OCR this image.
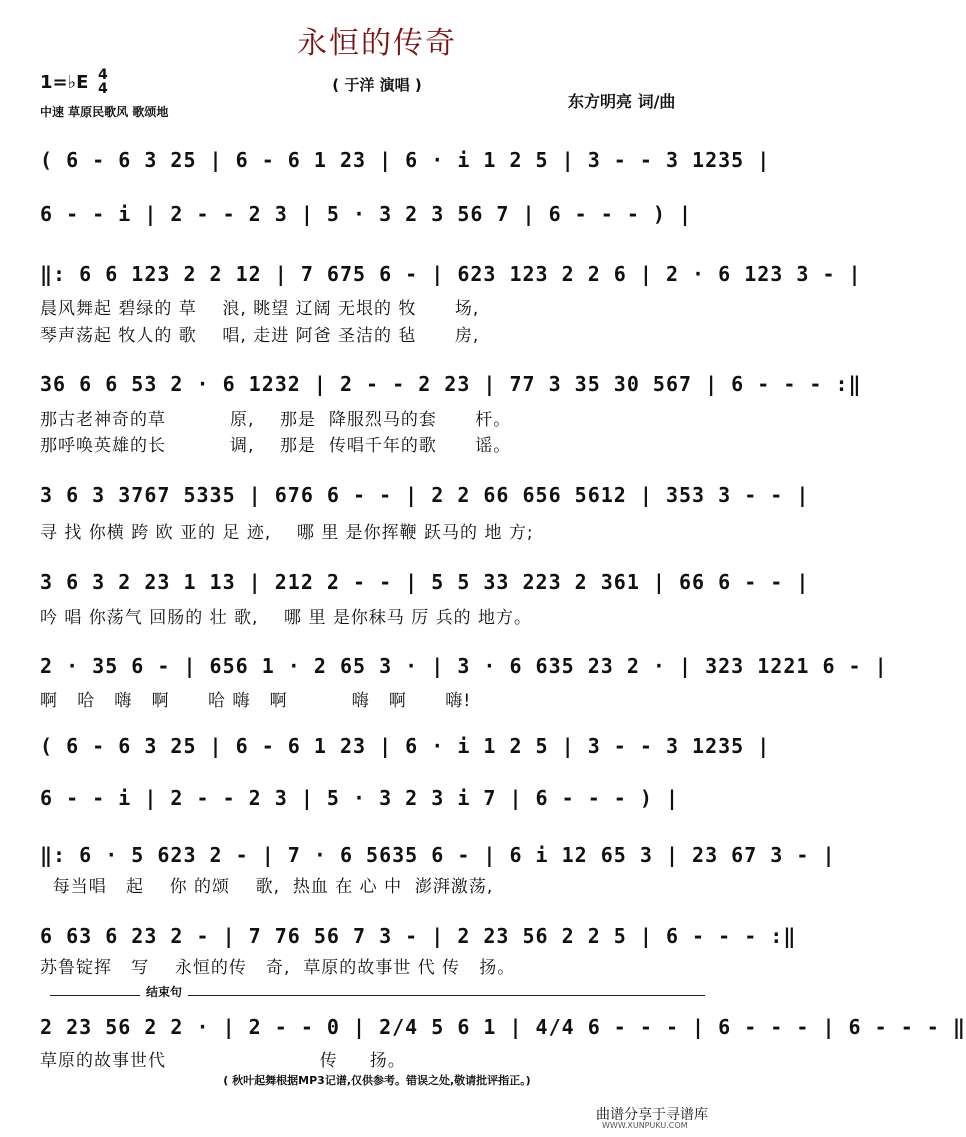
永恒的传奇
( 于洋 演唱 )
1=♭E 4
4
中速 草原民歌风 歌颂地
东方明亮 词/曲
( 6 - 6 3 25 | 6 - 6 1 23 | 6 · i 1 2 5 | 3 - - 3 1235 |
6 - - i | 2 - - 2 3 | 5 · 3 2 3 56 7 | 6 - - - ) |
‖: 6 6 123 2 2 12 | 7 675 6 - | 623 123 2 2 6 | 2 · 6 123 3 - |
晨风舞起 碧绿的 草    浪, 眺望 辽阔 无垠的 牧      场,
琴声荡起 牧人的 歌    唱, 走进 阿爸 圣洁的 毡      房,
36 6 6 53 2 · 6 1232 | 2 - - 2 23 | 77 3 35 30 567 | 6 - - - :‖
那古老神奇的草          原,    那是  降服烈马的套      杆。
那呼唤英雄的长          调,    那是  传唱千年的歌      谣。
3 6 3 3767 5335 | 676 6 - - | 2 2 66 656 5612 | 353 3 - - |
寻 找 你横 跨 欧 亚的 足 迹,    哪 里 是你挥鞭 跃马的 地 方;
3 6 3 2 23 1 13 | 212 2 - - | 5 5 33 223 2 361 | 66 6 - - |
吟 唱 你荡气 回肠的 壮 歌,    哪 里 是你秣马 厉 兵的 地方。
2 · 35 6 - | 656 1 · 2 65 3 · | 3 · 6 635 23 2 · | 323 1221 6 - |
啊   哈   嗨   啊      哈 嗨   啊          嗨   啊      嗨!
( 6 - 6 3 25 | 6 - 6 1 23 | 6 · i 1 2 5 | 3 - - 3 1235 |
6 - - i | 2 - - 2 3 | 5 · 3 2 3 i 7 | 6 - - - ) |
‖: 6 · 5 623 2 - | 7 · 6 5635 6 - | 6 i 12 65 3 | 23 67 3 - |
每当唱   起    你 的颂    歌,  热血 在 心 中  澎湃激荡,
6 63 6 23 2 - | 7 76 56 7 3 - | 2 23 56 2 2 5 | 6 - - - :‖
苏鲁锭挥   写    永恒的传   奇,  草原的故事世 代 传   扬。
结束句
2 23 56 2 2 · | 2 - - 0 | 2/4 5 6 1 | 4/4 6 - - - | 6 - - - | 6 - - - ‖
草原的故事世代                        传     扬。
( 秋叶起舞根据MP3记谱,仅供参考。错误之处,敬请批评指正。)
曲谱分享于寻谱库
WWW.XUNPUKU.COM
